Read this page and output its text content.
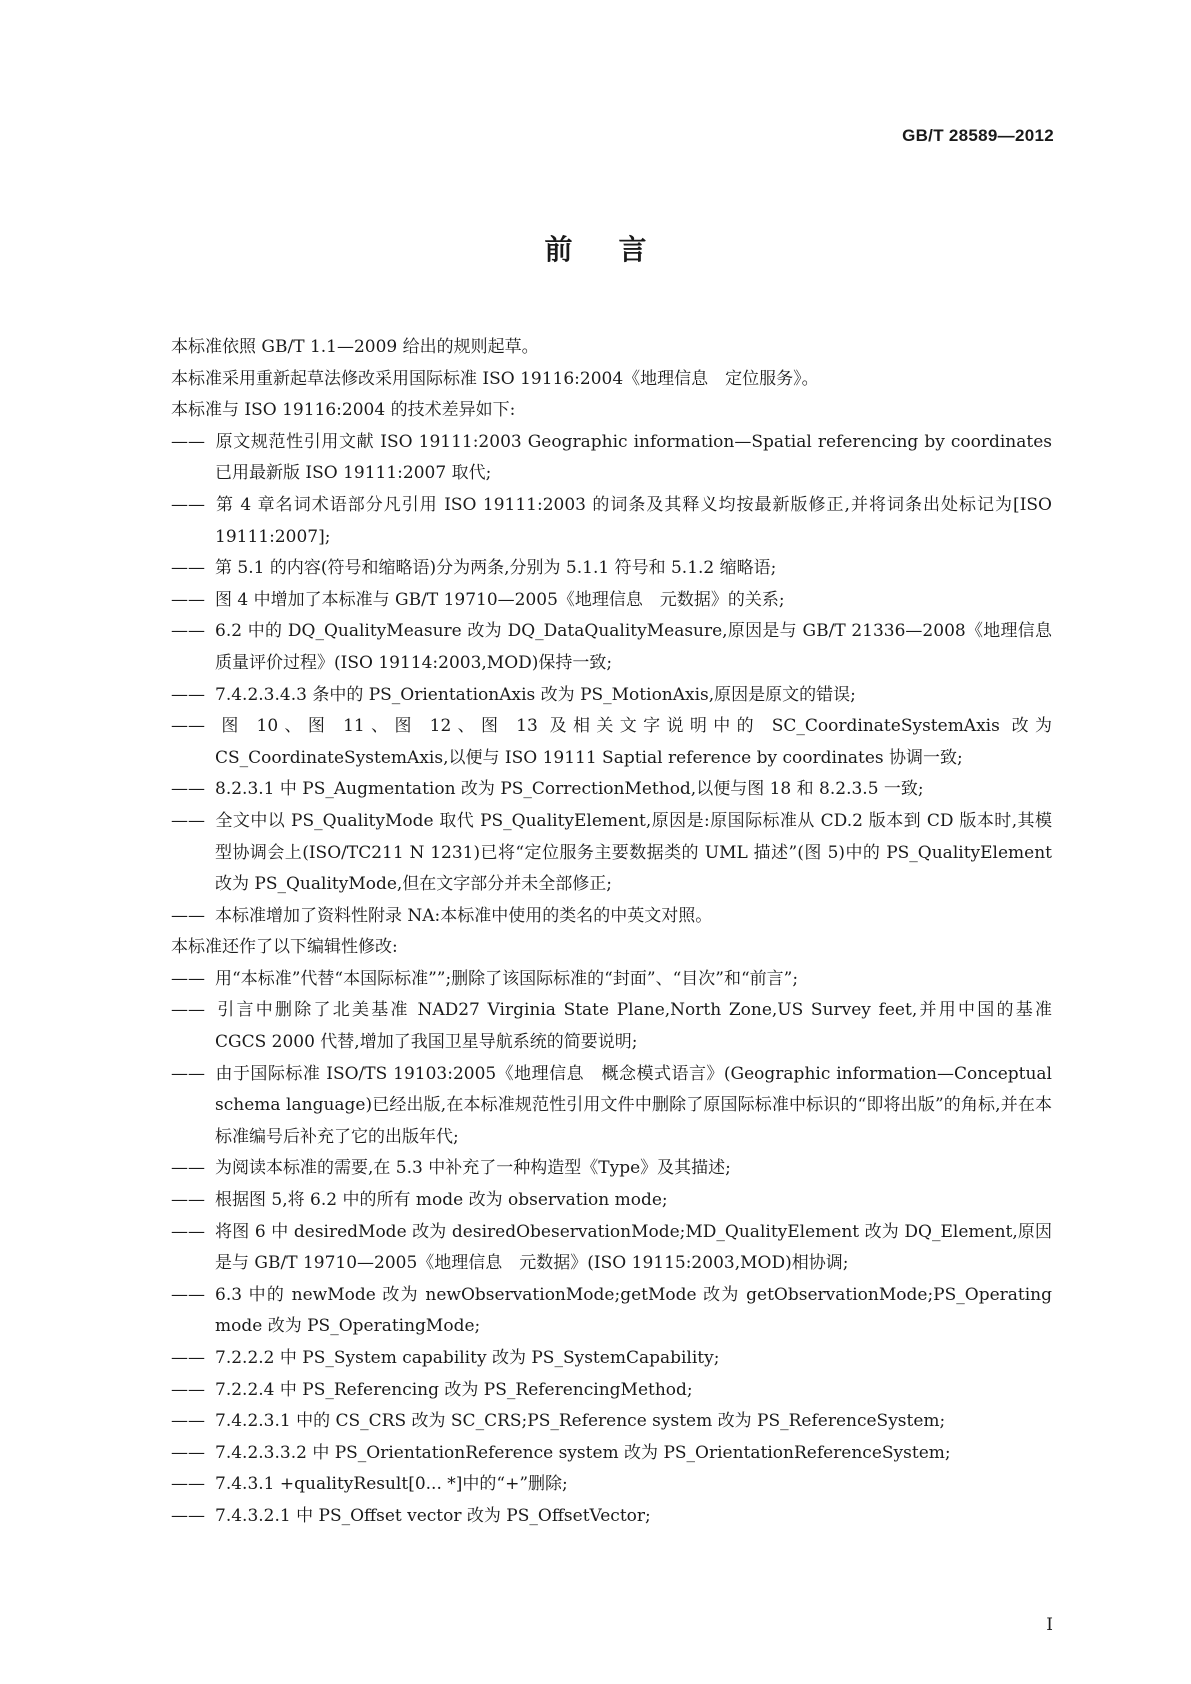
GB/T 28589—2012
前言

本标准依照 GB/T 1.1—2009 给出的规则起草。

本标准采用重新起草法修改采用国际标准 ISO 19116:2004《地理信息　定位服务》。

本标准与 ISO 19116:2004 的技术差异如下:

—— 原文规范性引用文献 ISO 19111:2003 Geographic information—Spatial referencing by coordinates 已用最新版 ISO 19111:2007 取代;

—— 第 4 章名词术语部分凡引用 ISO 19111:2003 的词条及其释义均按最新版修正,并将词条出处标记为[ISO 19111:2007];

—— 第 5.1 的内容(符号和缩略语)分为两条,分别为 5.1.1 符号和 5.1.2 缩略语;

—— 图 4 中增加了本标准与 GB/T 19710—2005《地理信息　元数据》的关系;

—— 6.2 中的 DQ_QualityMeasure 改为 DQ_DataQualityMeasure,原因是与 GB/T 21336—2008《地理信息　质量评价过程》(ISO 19114:2003,MOD)保持一致;

—— 7.4.2.3.4.3 条中的 PS_OrientationAxis 改为 PS_MotionAxis,原因是原文的错误;

—— 图 10、图 11、图 12、图 13 及相关文字说明中的 SC_CoordinateSystemAxis 改为 CS_CoordinateSystemAxis,以便与 ISO 19111 Saptial reference by coordinates 协调一致;

—— 8.2.3.1 中 PS_Augmentation 改为 PS_CorrectionMethod,以便与图 18 和 8.2.3.5 一致;

—— 全文中以 PS_QualityMode 取代 PS_QualityElement,原因是:原国际标准从 CD.2 版本到 CD 版本时,其模型协调会上(ISO/TC211 N 1231)已将“定位服务主要数据类的 UML 描述”(图 5)中的 PS_QualityElement 改为 PS_QualityMode,但在文字部分并未全部修正;

—— 本标准增加了资料性附录 NA:本标准中使用的类名的中英文对照。

本标准还作了以下编辑性修改:

—— 用“本标准”代替“本国际标准””;删除了该国际标准的“封面”、“目次”和“前言”;

—— 引言中删除了北美基准 NAD27 Virginia State Plane,North Zone,US Survey feet,并用中国的基准 CGCS 2000 代替,增加了我国卫星导航系统的简要说明;

—— 由于国际标准 ISO/TS 19103:2005《地理信息　概念模式语言》(Geographic information—Conceptual schema language)已经出版,在本标准规范性引用文件中删除了原国际标准中标识的“即将出版”的角标,并在本标准编号后补充了它的出版年代;

—— 为阅读本标准的需要,在 5.3 中补充了一种构造型《Type》及其描述;

—— 根据图 5,将 6.2 中的所有 mode 改为 observation mode;

—— 将图 6 中 desiredMode 改为 desiredObeservationMode;MD_QualityElement 改为 DQ_Element,原因是与 GB/T 19710—2005《地理信息　元数据》(ISO 19115:2003,MOD)相协调;

—— 6.3 中的 newMode 改为 newObservationMode;getMode 改为 getObservationMode;PS_Operating mode 改为 PS_OperatingMode;

—— 7.2.2.2 中 PS_System capability 改为 PS_SystemCapability;

—— 7.2.2.4 中 PS_Referencing 改为 PS_ReferencingMethod;

—— 7.4.2.3.1 中的 CS_CRS 改为 SC_CRS;PS_Reference system 改为 PS_ReferenceSystem;

—— 7.4.2.3.3.2 中 PS_OrientationReference system 改为 PS_OrientationReferenceSystem;

—— 7.4.3.1 +qualityResult[0... *]中的“+”删除;

—— 7.4.3.2.1 中 PS_Offset vector 改为 PS_OffsetVector;

I
